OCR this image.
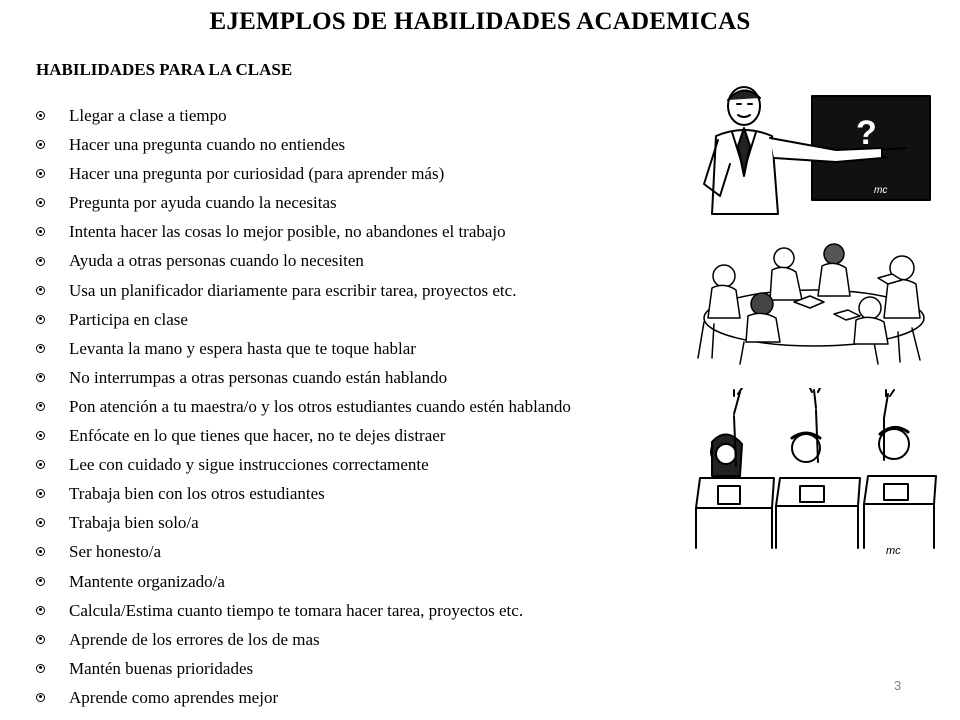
EJEMPLOS DE HABILIDADES ACADEMICAS
HABILIDADES PARA LA CLASE
Llegar a clase a tiempo
Hacer una pregunta cuando no entiendes
Hacer una pregunta por curiosidad (para aprender más)
Pregunta por ayuda cuando la necesitas
Intenta hacer las cosas lo mejor posible, no abandones el trabajo
Ayuda a otras personas cuando lo necesiten
Usa un planificador diariamente para escribir tarea, proyectos etc.
Participa en clase
Levanta la mano y espera hasta que te toque hablar
No interrumpas a otras personas cuando están hablando
Pon atención a tu maestra/o y los otros estudiantes cuando estén hablando
Enfócate en lo que tienes que hacer, no te dejes distraer
Lee con cuidado y sigue instrucciones correctamente
Trabaja bien con los otros estudiantes
Trabaja bien solo/a
Ser honesto/a
Mantente organizado/a
Calcula/Estima cuanto tiempo te tomara hacer tarea, proyectos etc.
Aprende de los errores de los de mas
Mantén buenas prioridades
Aprende como aprendes mejor
?
mc
mc
3
